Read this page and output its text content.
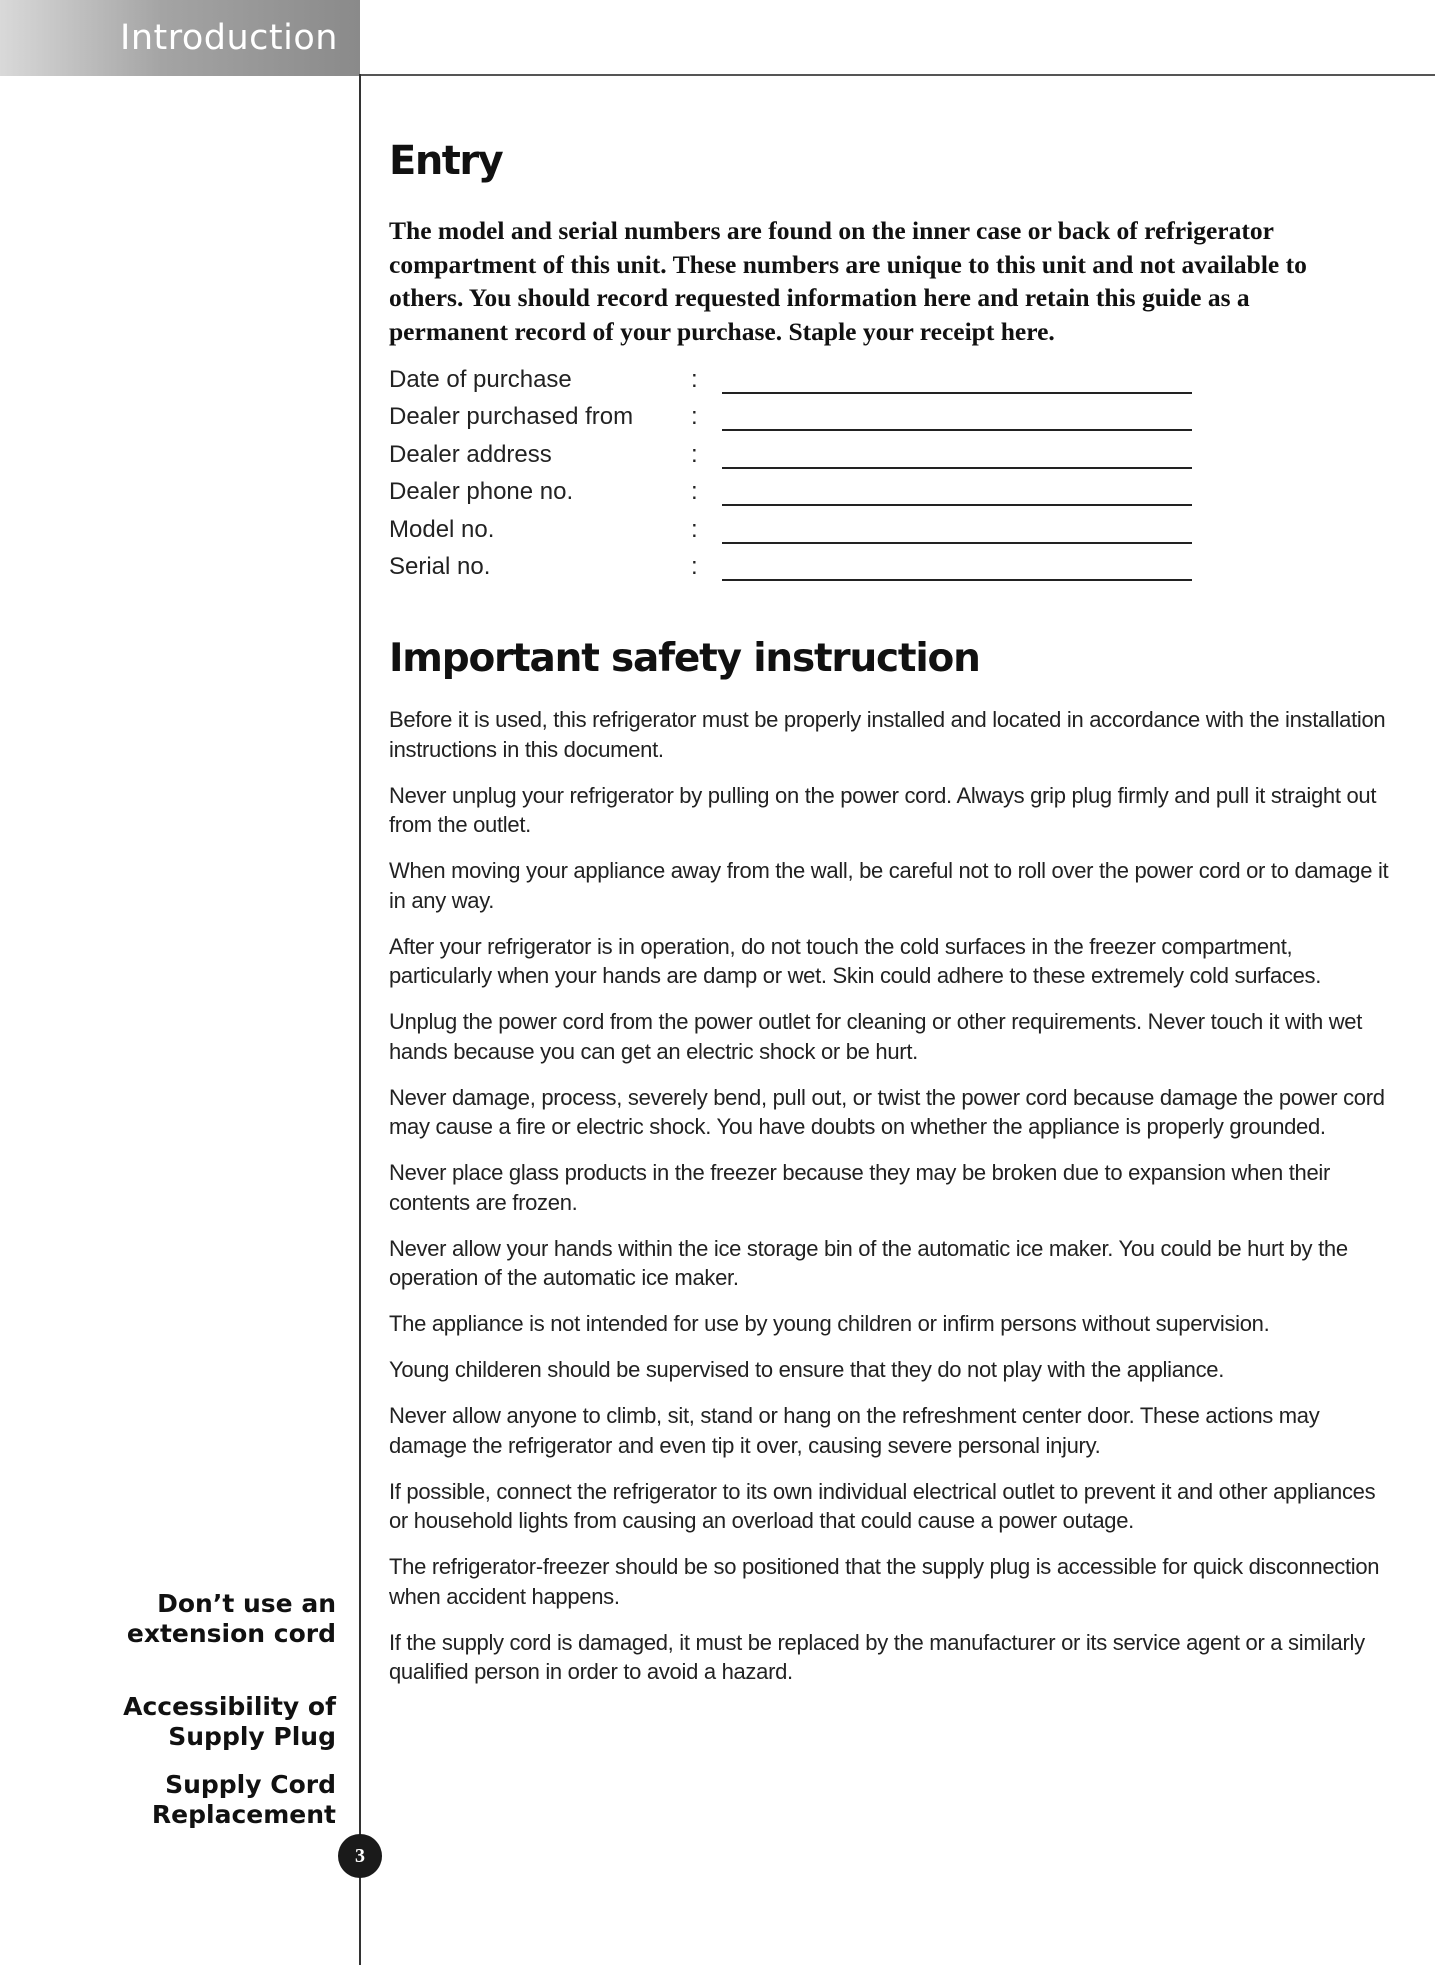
Introduction
Entry

The model and serial numbers are found on the inner case or back of refrigerator compartment of this unit. These numbers are unique to this unit and not available to others. You should record requested information here and retain this guide as a permanent record of your purchase. Staple your receipt here.

Date of purchase	:
Dealer purchased from :
Dealer address	:
Dealer phone no.	:
Model no.	:
Serial no.	:
Important safety instruction

Before it is used, this refrigerator must be properly installed and located in accordance with the installation instructions in this document.

Never unplug your refrigerator by pulling on the power cord. Always grip plug firmly and pull it straight out from the outlet.

When moving your appliance away from the wall, be careful not to roll over the power cord or to damage it in any way.

After your refrigerator is in operation, do not touch the cold surfaces in the freezer compartment, particularly when your hands are damp or wet. Skin could adhere to these extremely cold surfaces.

Unplug the power cord from the power outlet for cleaning or other requirements. Never touch it with wet hands because you can get an electric shock or be hurt.

Never damage, process, severely bend, pull out, or twist the power cord because damage the power cord may cause a fire or electric shock. You have doubts on whether the appliance is properly grounded.

Never place glass products in the freezer because they may be broken due to expansion when their contents are frozen.

Never allow your hands within the ice storage bin of the automatic ice maker. You could be hurt by the operation of the automatic ice maker.

The appliance is not intended for use by young children or infirm persons without supervision.

Young childeren should be supervised to ensure that they do not play with the appliance.

Never allow anyone to climb, sit, stand or hang on the refreshment center door. These actions may damage the refrigerator and even tip it over, causing severe personal injury.

If possible, connect the refrigerator to its own individual electrical outlet to prevent it and other appliances or household lights from causing an overload that could cause a power outage.

The refrigerator-freezer should be so positioned that the supply plug is accessible for quick disconnection when accident happens.

If the supply cord is damaged, it must be replaced by the manufacturer or its service agent or a similarly qualified person in order to avoid a hazard.

Don’t use an
extension cord
Accessibility of
Supply Plug
Supply Cord
Replacement
3
